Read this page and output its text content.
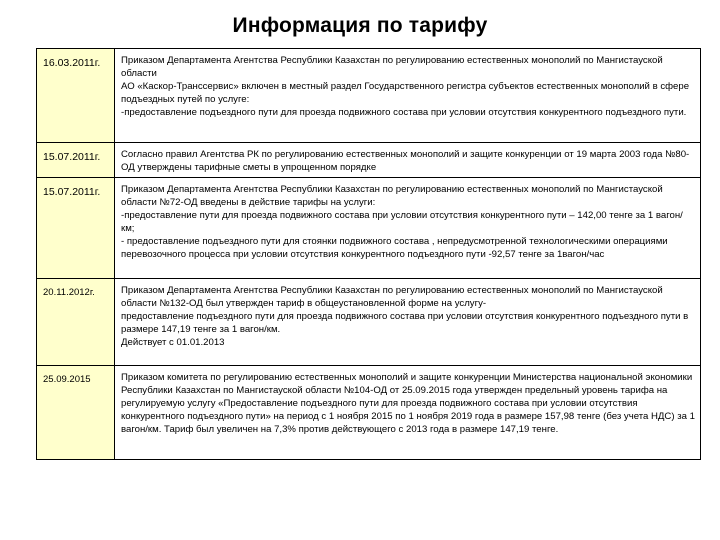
Информация по тарифу
16.03.2011г.	Приказом Департамента Агентства Республики Казахстан по регулированию естественных монополий по Мангистауской области

АО «Каскор-Транссервис» включен в местный раздел Государственного регистра субъектов естественных монополий в сфере подъездных путей по услуге:

-предоставление подъездного пути для проезда подвижного состава при условии отсутствия конкурентного подъездного пути.

15.07.2011г.	Согласно правил Агентства РК по регулированию естественных монополий и защите конкуренции от 19 марта 2003 года №80-ОД утверждены тарифные сметы в упрощенном порядке

15.07.2011г.	Приказом Департамента Агентства Республики Казахстан по регулированию естественных монополий по Мангистауской области №72-ОД введены в действие тарифы на услуги:

-предоставление пути для проезда подвижного состава при условии отсутствия конкурентного пути – 142,00 тенге за 1 вагон/км;

- предоставление подъездного пути для стоянки подвижного состава , непредусмотренной технологическими операциями перевозочного процесса при условии отсутствия конкурентного подъездного пути -92,57 тенге за 1вагон/час

20.11.2012г.	Приказом Департамента Агентства Республики Казахстан по регулированию естественных монополий по Мангистауской области №132-ОД был утвержден тариф в общеустановленной форме на услугу-

предоставление подъездного пути для проезда подвижного состава при условии отсутствия конкурентного подъездного пути в размере 147,19 тенге за 1 вагон/км.

Действует с 01.01.2013

25.09.2015	Приказом комитета по регулированию естественных монополий и защите конкуренции Министерства национальной экономики Республики Казахстан по Мангистауской области №104-ОД от 25.09.2015 года утвержден предельный уровень тарифа на регулируемую услугу «Предоставление подъездного пути для проезда подвижного состава при условии отсутствия конкурентного подъездного пути» на период с 1 ноября 2015 по 1 ноября 2019 года в размере 157,98 тенге (без учета НДС) за 1 вагон/км. Тариф был увеличен на 7,3% против действующего с 2013 года в размере 147,19 тенге.
